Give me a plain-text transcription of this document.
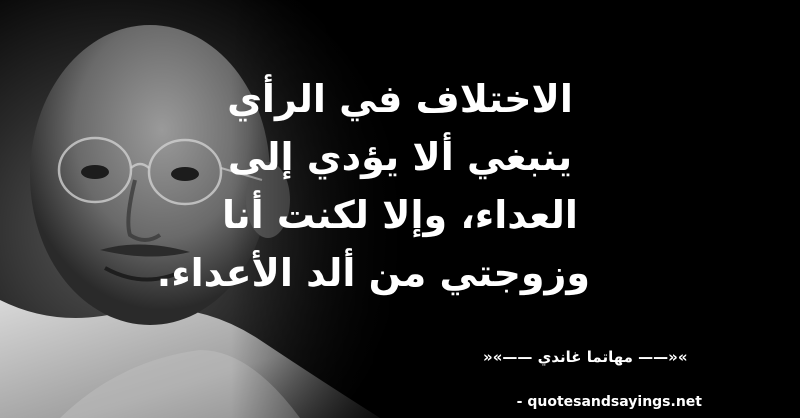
الاختلاف في الرأي
ينبغي ألا يؤدي إلى
العداء، وإلا لكنت أنا
وزوجتي من ألد الأعداء.
»«—— مهاتما غاندي ——»«
- quotesandsayings.net
